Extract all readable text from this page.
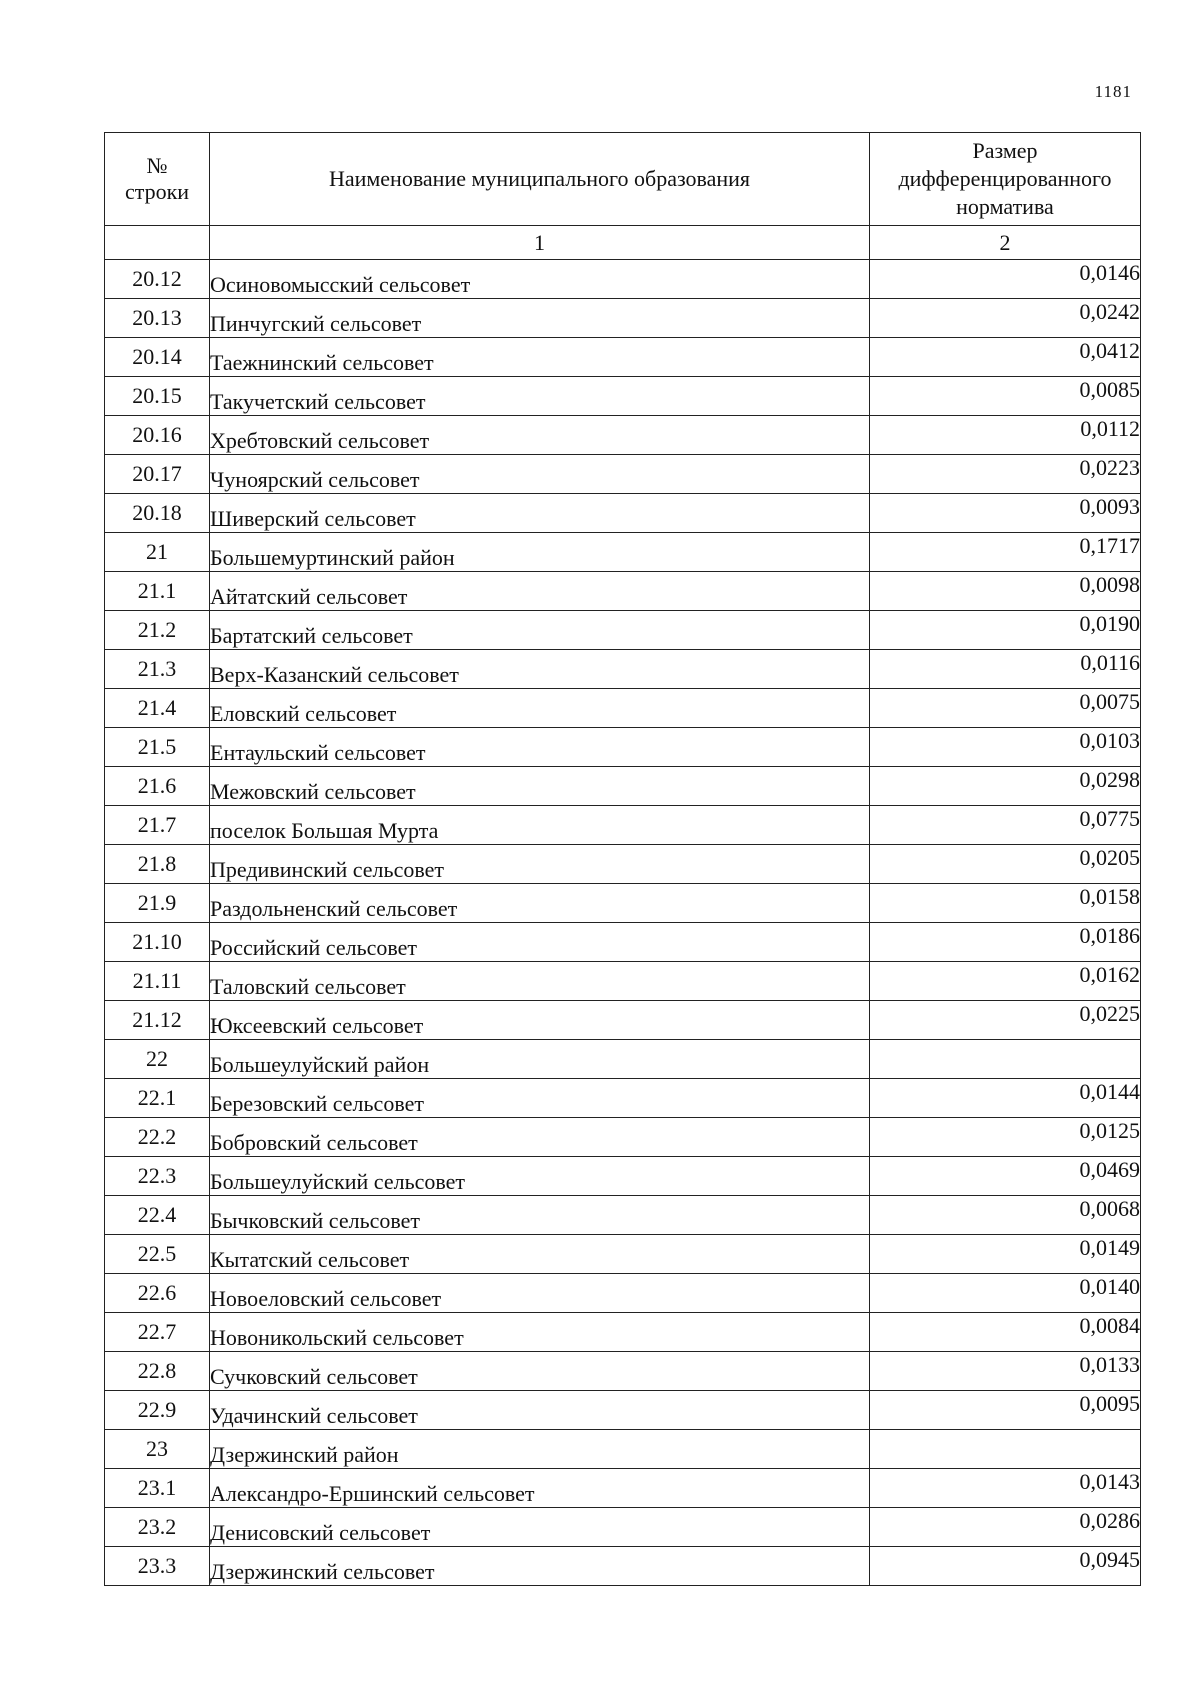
1181
№
строки	Наименование муниципального образования	Размер
дифференцированного
норматива
	1	2
20.12	Осиновомысский сельсовет	0,0146
20.13	Пинчугский сельсовет	0,0242
20.14	Таежнинский сельсовет	0,0412
20.15	Такучетский сельсовет	0,0085
20.16	Хребтовский сельсовет	0,0112
20.17	Чуноярский сельсовет	0,0223
20.18	Шиверский сельсовет	0,0093
21	Большемуртинский район	0,1717
21.1	Айтатский сельсовет	0,0098
21.2	Бартатский сельсовет	0,0190
21.3	Верх-Казанский сельсовет	0,0116
21.4	Еловский сельсовет	0,0075
21.5	Ентаульский сельсовет	0,0103
21.6	Межовский сельсовет	0,0298
21.7	поселок Большая Мурта	0,0775
21.8	Предивинский сельсовет	0,0205
21.9	Раздольненский сельсовет	0,0158
21.10	Российский сельсовет	0,0186
21.11	Таловский сельсовет	0,0162
21.12	Юксеевский сельсовет	0,0225
22	Большеулуйский район	
22.1	Березовский сельсовет	0,0144
22.2	Бобровский сельсовет	0,0125
22.3	Большеулуйский сельсовет	0,0469
22.4	Бычковский сельсовет	0,0068
22.5	Кытатский сельсовет	0,0149
22.6	Новоеловский сельсовет	0,0140
22.7	Новоникольский сельсовет	0,0084
22.8	Сучковский сельсовет	0,0133
22.9	Удачинский сельсовет	0,0095
23	Дзержинский район	
23.1	Александро-Ершинский сельсовет	0,0143
23.2	Денисовский сельсовет	0,0286
23.3	Дзержинский сельсовет	0,0945
